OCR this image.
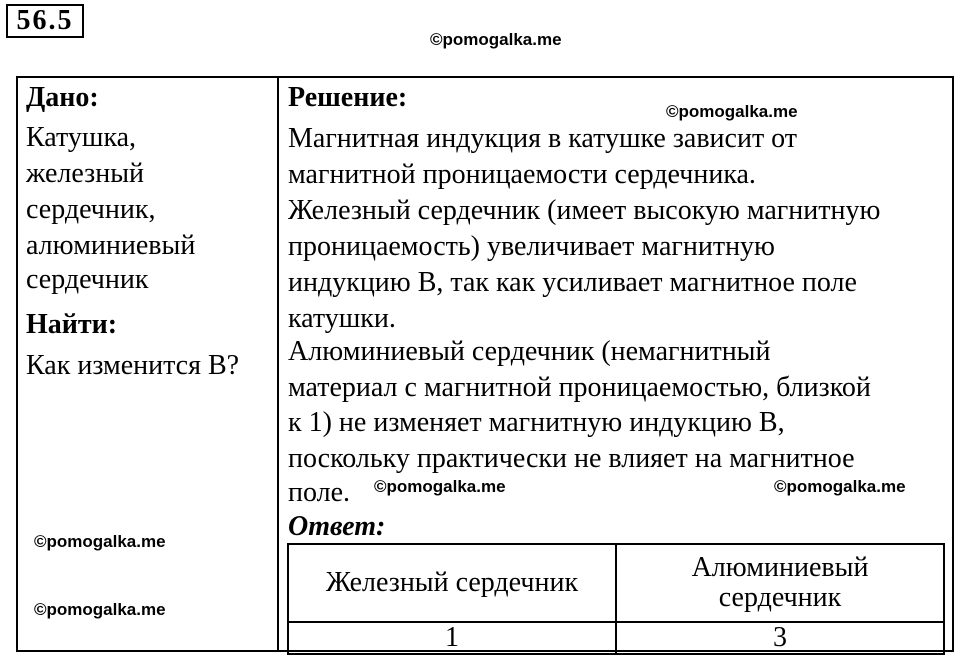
56.5
©pomogalka.me
©pomogalka.me
©pomogalka.me	©pomogalka.me
©pomogalka.me
©pomogalka.me
Дано:
Катушка,
железный
сердечник,
алюминиевый
сердечник
Найти:
Как изменится B?
Решение:
Магнитная индукция в катушке зависит от
магнитной проницаемости сердечника.
Железный сердечник (имеет высокую магнитную
проницаемость) увеличивает магнитную
индукцию B, так как усиливает магнитное поле
катушки.
Алюминиевый сердечник (немагнитный
материал с магнитной проницаемостью, близкой
к 1) не изменяет магнитную индукцию B,
поскольку практически не влияет на магнитное
поле.
Ответ:
Железный сердечник	Алюминиевый
сердечник
1	3
